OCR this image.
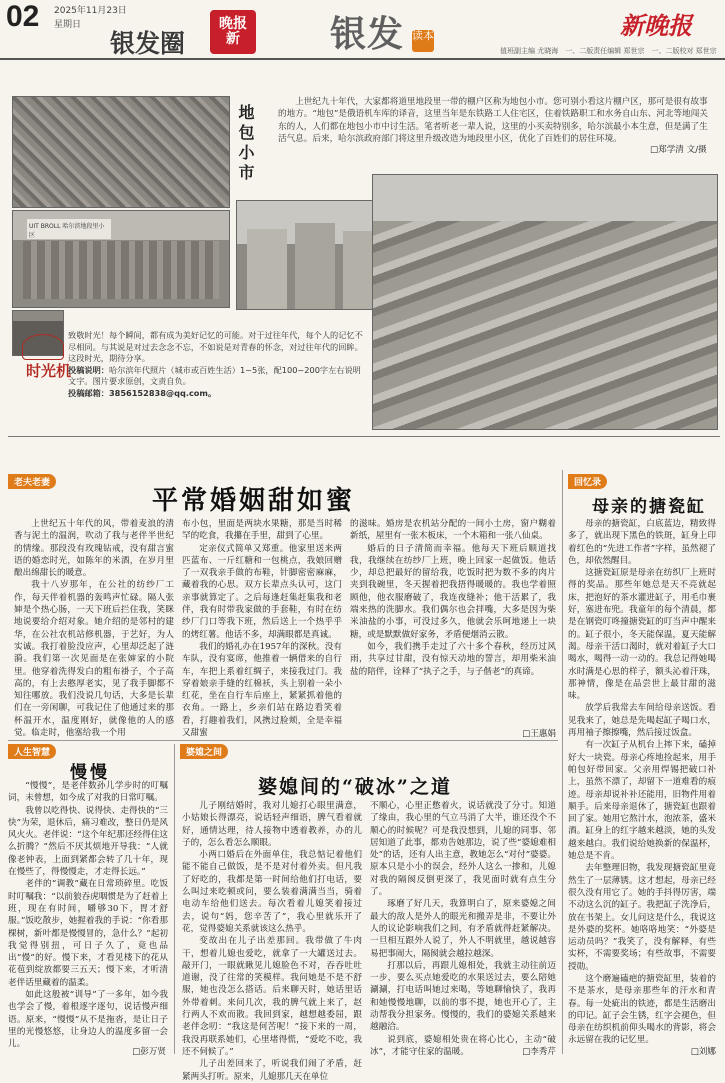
02 2025年11月23日
星期日
银发圈
晚报 新	银发 读本	新晚报
值班副主编 尤晓海　一、二版责任编辑 郑世宗　一、二版校对 郑世宗
UIT BROLL 哈尔滨地段里小区
地包小市
上世纪九十年代，大家都将道里地段里一带的棚户区称为地包小市。您可别小看这片棚户区，那可是很有故事的地方。“地包”是俄语机车库的译音，这里当年是东铁路工人住宅区，住着铁路职工和水务自山东、河北等地闯关东的人，人们都在地包小市中讨生活。笔者听老一辈人说，这里的小买卖特别多，哈尔滨最小本生意，但是满了生活气息。后来，哈尔滨政府部门将这里升级改造为地段里小区，优化了百姓们的居住环境。
□郑学清 文/摄
时光机
致敬时光！每个瞬间，都有成为美好记忆的可能。对于过往年代，每个人的记忆不尽相同。与其说是对过去念念不忘，不如说是对青春的怀念，对过往年代的回眸。这段时光，期待分享。
投稿说明：哈尔滨年代照片（城市或百姓生活）1~5张，配100~200字左右说明文字。图片要求原创，文责自负。
投稿邮箱：3856152838@qq.com。
老夫老妻
平常婚姻甜如蜜

上世纪五十年代的风，带着麦浪的清香与泥土的温润，吹动了我与老伴半世纪的情缘。那段没有玫瑰钻戒，没有甜言蜜语的婚恋时光，如陈年的米酒，在岁月里酿出绵甜长的暖意。

我十八岁那年，在公社的纺纱厂工作，每天伴着机器的轰鸣声忙碌。隔人张婶是个热心肠，一天下班后拦住我，笑眯地说要给介绍对象。她介绍的是邻村的建华，在公社农机站修机器，于艺好，为人实诚。我打着脸没应声，心里却泛起了涟漪。我们第一次见面是在张婶家的小院里。他穿着洗得发白的粗布褂子，个子高高的，有上去憨厚老实，见了我手脚都不知往哪放。我们没说几句话，大多是长辈们在一旁闲聊，可我记住了他通过来的那杯温开水，温度刚好，就像他的人的感觉。临走时，他塞给我一个用

布小包，里面是两块水果糖，那是当时稀罕的吃食，我攥在手里，甜到了心里。

定亲仪式简单又郑重。他家里送来两匹蓝布、一斤红糖和一包桃点，我娘回赠了一双我亲手做的布鞋，针脚密密麻麻，藏着我的心思。双方长辈点头认可，这门亲事就算定了。之后每逢赶集赶集我和老伴，我有时带我家做的手套鞋，有时在纺纱厂门口等我下班，然后送上一个热乎乎的烤红薯。他话不多，却满眼都是真诚。

我们的婚礼办在1957年的深秋。没有车队，没有宴席，他推着一辆借来的自行车，车把上系着红绸子，来接我过门。我穿着娘亲手缝的红棉袄，头上别着一朵小红花，坐在自行车后座上，紧紧抓着他的衣角。一路上，乡亲们站在路边看笑着看，打趣着我们，风携过脸颊，全是幸福又甜蜜

的滋味。婚房是农机站分配的一间小土房，窗户糊着新纸，屋里有一张木板床，一个木箱和一张八仙桌。

婚后的日子清简而幸福。他每天下班后顺道找我，我继续在纺纱厂上班，晚上回家一起做饭。他话少，却总把最好的留给我，吃饭时把为数不多的肉片夹到我碗里，冬天握着把我捂得暖暖的。我也学着照顾他，他衣服磨破了，我连夜缝补；他干活累了，我端来热的洗脚水。我们偶尔也会拌嘴，大多是因为柴米油盐的小事，可没过多久，他就会乐呵地递上一块糖，或是默默做好家务，矛盾便烟消云散。

如今，我们携手走过了六十多个春秋，经历过风雨，共享过甘甜，没有惊天动地的誓言，却用柴米油盐的陪伴，诠释了“执子之手，与子偕老”的真谛。

□王惠娟
回忆录
母亲的搪瓷缸

母亲的搪瓷缸，白底蓝边，精致得多了，就出现下黑色的铁斑，缸身上印着红色的“先进工作者”字样，虽然褪了色，却依然醒目。

这搪瓷缸原是母亲在纺织厂上班时得的奖品。那些年她总是天不亮就起床，把泡好的茶水灌进缸子，用毛巾裹好，塞进布兜。我童年的每个清晨，都是在钢瓷叮咚撞搪瓷缸的叮当声中醒来的。缸子很小，冬天能保温，夏天能解渴。母亲干活口渴时，就对着缸子大口喝水，喝得一动一动的。我总记得她喝水时满是心思的样子，额头沁着汗珠，那神情，像是在品尝世上最甘甜的滋味。

放学后我常去车间给母亲送饭。看见我来了，她总是先喝起缸子喝口水，再用袖子擦擦嘴，然后接过饭盒。

有一次缸子从机台上摔下来，磕掉好大一块瓷。母亲心疼地捡起来，用手帕包好带回家。父亲用焊锡把破口补上，虽然不漂了，却留下一道难看的痕迹。母亲却说补补还能用，旧物件用着顺手。后来母亲退休了，搪瓷缸也跟着回了家。她用它熬汁水，泡浓茶，盛米酒。缸身上的红字越来越淡，她的头发越来越白。我们说给她换新的保温杯，她总是不肯。

去年整理旧物，我发现搪瓷缸里竟然生了一层薄锈。这才想起，母亲已经很久没有用它了。她的手抖得厉害，端不动这么沉的缸子。我把缸子洗净后，放在书架上。女儿问这是什么，我说这是外婆的奖杯。她咯咯地笑：“外婆是运动员吗？”我笑了，没有解释，有些实杯，不需要奖场；有些故事，不需要授勋。

这个磨遍磕疤的搪瓷缸里，装着的不是茶水，是母亲那些年的汗水和青春。每一处疵出的铁迹，都是生活磨出的印记。缸子会生锈，红字会褪色，但母亲在纺织机前仰头喝水的背影，将会永远留在我的记忆里。

□刘娜
人生智慧
慢慢

“慢慢”，是老伴数孙儿学步时的叮嘱词，未曾想，如今成了对我的日常叮嘱。

我曾以吃得快、说得快、走得快的“三快”为荣，退休后，痛习难改，整日仍是风风火火。老伴说：“这个年纪那还经得住这么折腾？”然后不厌其烦地开导我：“人就像老钟表，上面到紧都会转了几十年，现在慢些了，得慢慢走，才走得长远。”

老伴的“调教”藏在日常琐碎里。吃饭时叮嘱我：“以前狼吞虎咽惯是为了赶着上班，现在有时间，嚼够30下，胃才舒服。”饭吃散步，她握着我的手说：“你看那棵树，新叶都是慢慢冒的，急什么？”起初我觉得别扭，可日子久了，竟也品出“慢”的好。慢下来，才看见楼下的花从花苞到绽放都要三五天；慢下来，才听清老伴话里藏着的温柔。

如此这般被“训导”了一多年，如今我也学会了慢，着根逐字逐句，说话慢声细语。原来，“慢慢”从不是拖沓，是让日子里的光慢悠悠，让身边人的温度多留一会儿。

□彭万贤
婆媳之间
婆媳间的“破冰”之道

儿子刚结婚时，我对儿媳打心眼里满意，小姑娘长得漂亮，说话轻声细语，脾气看着就好，通情达理，待人接物中透着教养，办的儿子的，怎么看怎么顺眼。

小两口婚后在外面单住，我总惦记着他们能不能自己做饭，是不是对付着外卖。但凡我了好吃的，我都是第一时间给他们打电话，要么叫过来吃顿或问，要么装着满满当当，骑着电动车给他们送去。每次看着儿媳笑着接过去，说句“妈，您辛苦了”，我心里就乐开了花，觉得婆媳关系就该这么热乎。

变故出在儿子出差那回。我带做了牛肉干，想着儿媳也爱吃，就拿了一大罐送过去。敲开门，一眼就瞅见儿媳脸色不对，吞吞吐吐道谢，没了往常的笑模样。我问她是不是不舒服，她也没怎么搭话。后来聊天时，她话里话外带着刺。来问几次，我的脾气就上来了，赵行两人不欢而散。我回到家，越想越委屈，跟老伴念叨：“我这是何苦呢！”接下来的一周，我没再联系她们，心里堵得慌，“爱吃不吃，我还不伺候了。”

儿子出差回来了，听说我们闹了矛盾，赶紧两头打听。原来，儿媳那几天在单位

不顺心，心里正憋着火，说话就没了分寸。知道了缘由，我心里的气立马消了大半，谁还没个不顺心的时候呢？可是我没想到，儿媳的同事、邻居知道了此事，都劝告她那边，说了些“婆媳难相处”的话，还有人出主意，教她怎么“对付”婆婆。原本只是小小的误会，经外人这么一掺和，儿媳对我的隔阂反倒更深了，我见面时就有点生分了。

琢磨了好几天，我算明白了，原来婆媳之间最大的敌人是外人的眼光和搬弄是非，不要让外人的议论影响我们之间，有矛盾就得赶紧解决。一旦相互跟外人说了，外人不明就里，越说越容易把事闹大，隔阂就会越拉越深。

打那以后，再跟儿媳相处，我就主动往前迈一步，要么买点她爱吃的水果送过去，要么陪她涮涮，打电话叫她过来喝，等她聊愉快了，我再和她慢慢地聊，以前的事不提，她也开心了，主动帮我分担家务。慢慢的，我们的婆媳关系越来越融洽。

说到底，婆媳相处贵在将心比心，主动“破冰”，才能守住家的温暖。	□李秀芹
